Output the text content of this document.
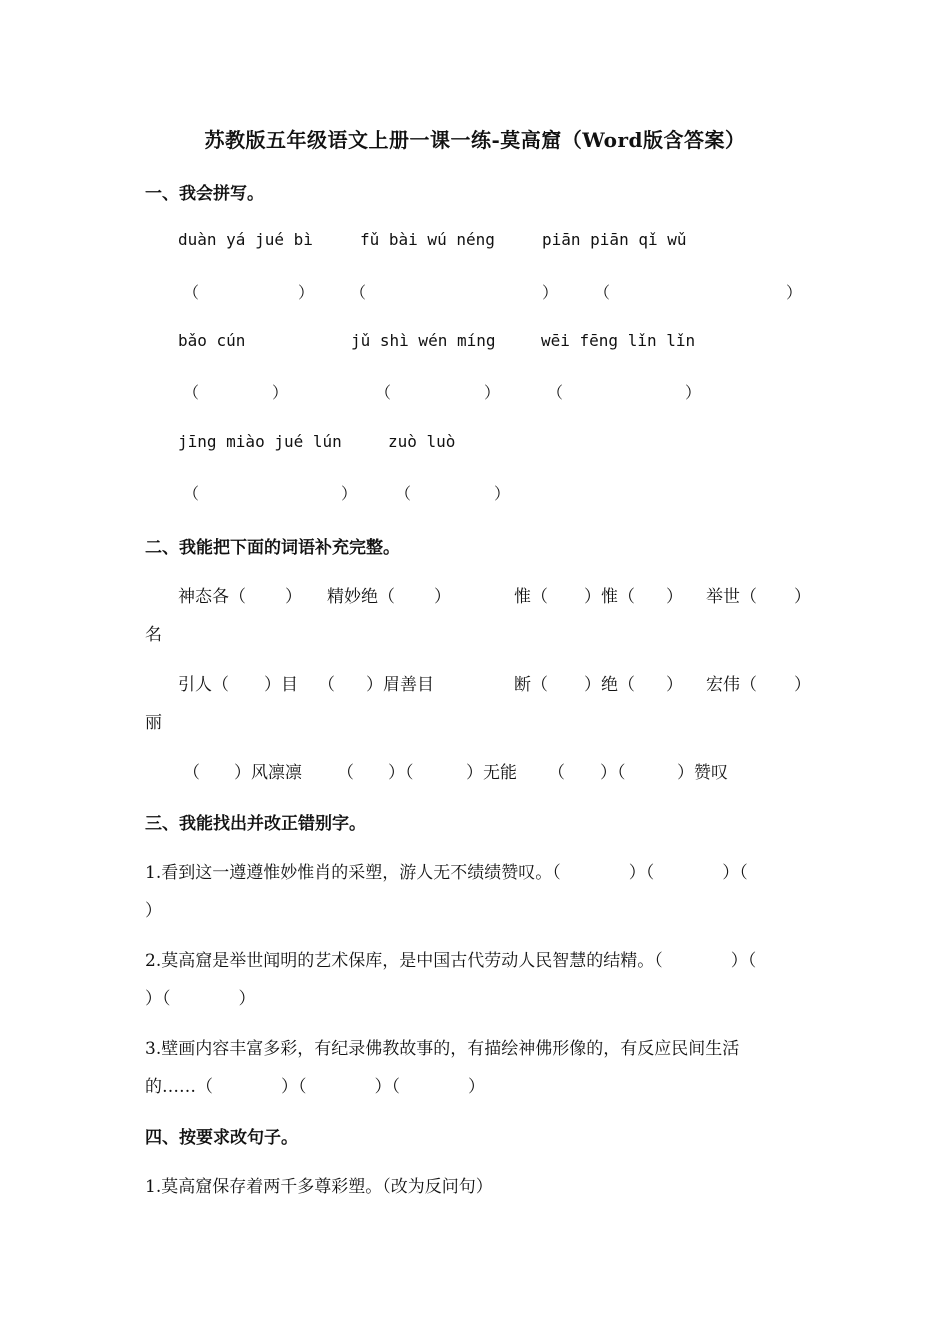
苏教版五年级语文上册一课一练-莫高窟（Word版含答案）
一、我会拼写。
duàn yá jué bì	fǔ bài wú néng	piān piān qǐ wǔ
（	） （	） （	）
bǎo cún	jǔ shì wén míng	wēi fēng lǐn lǐn
（	）	（	）	（	）
jīng miào jué lún	zuò luò
（	） （	）
二、我能把下面的词语补充完整。
神态各（ ） 精妙绝（ ）	惟（ ）惟（ ） 举世（ ）
名
引人（ ）目 （ ）眉善目	断（ ）绝（ ） 宏伟（ ）
丽
（ ）风凛凛 （ ）（	）无能 （ ）（	）赞叹
三、我能找出并改正错别字。
1.看到这一遵遵惟妙惟肖的采塑，游人无不绩绩赞叹。（　　　　）（　　　　）（
）
2.莫高窟是举世闻明的艺术保库，是中国古代劳动人民智慧的结精。（　　　　）（
）（　　　　）
3.壁画内容丰富多彩，有纪录佛教故事的，有描绘神佛形像的，有反应民间生活
的……（　　　　）（　　　　）（　　　　）
四、按要求改句子。
1.莫高窟保存着两千多尊彩塑。（改为反问句）
